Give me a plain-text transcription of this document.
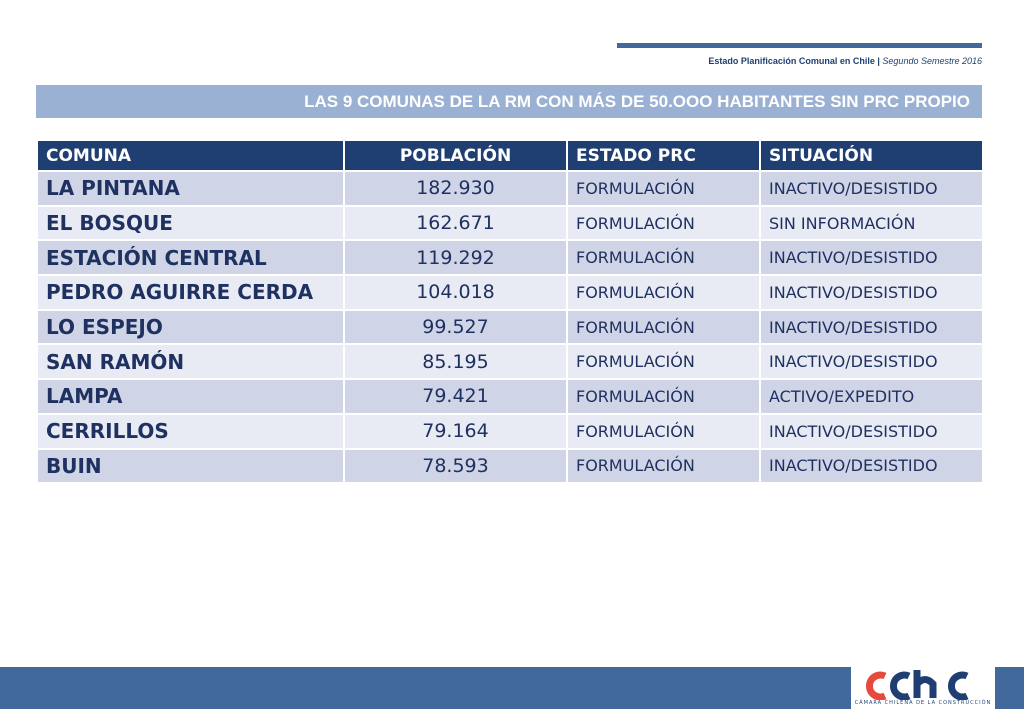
Estado Planificación Comunal en Chile | Segundo Semestre 2016
LAS 9 COMUNAS DE LA RM CON MÁS DE 50.OOO HABITANTES SIN PRC PROPIO
COMUNA	POBLACIÓN	ESTADO PRC	SITUACIÓN
LA PINTANA	182.930	FORMULACIÓN	INACTIVO/DESISTIDO
EL BOSQUE	162.671	FORMULACIÓN	SIN INFORMACIÓN
ESTACIÓN CENTRAL	119.292	FORMULACIÓN	INACTIVO/DESISTIDO
PEDRO AGUIRRE CERDA	104.018	FORMULACIÓN	INACTIVO/DESISTIDO
LO ESPEJO	99.527	FORMULACIÓN	INACTIVO/DESISTIDO
SAN RAMÓN	85.195	FORMULACIÓN	INACTIVO/DESISTIDO
LAMPA	79.421	FORMULACIÓN	ACTIVO/EXPEDITO
CERRILLOS	79.164	FORMULACIÓN	INACTIVO/DESISTIDO
BUIN	78.593	FORMULACIÓN	INACTIVO/DESISTIDO
CÁMARA CHILENA DE LA CONSTRUCCIÓN
